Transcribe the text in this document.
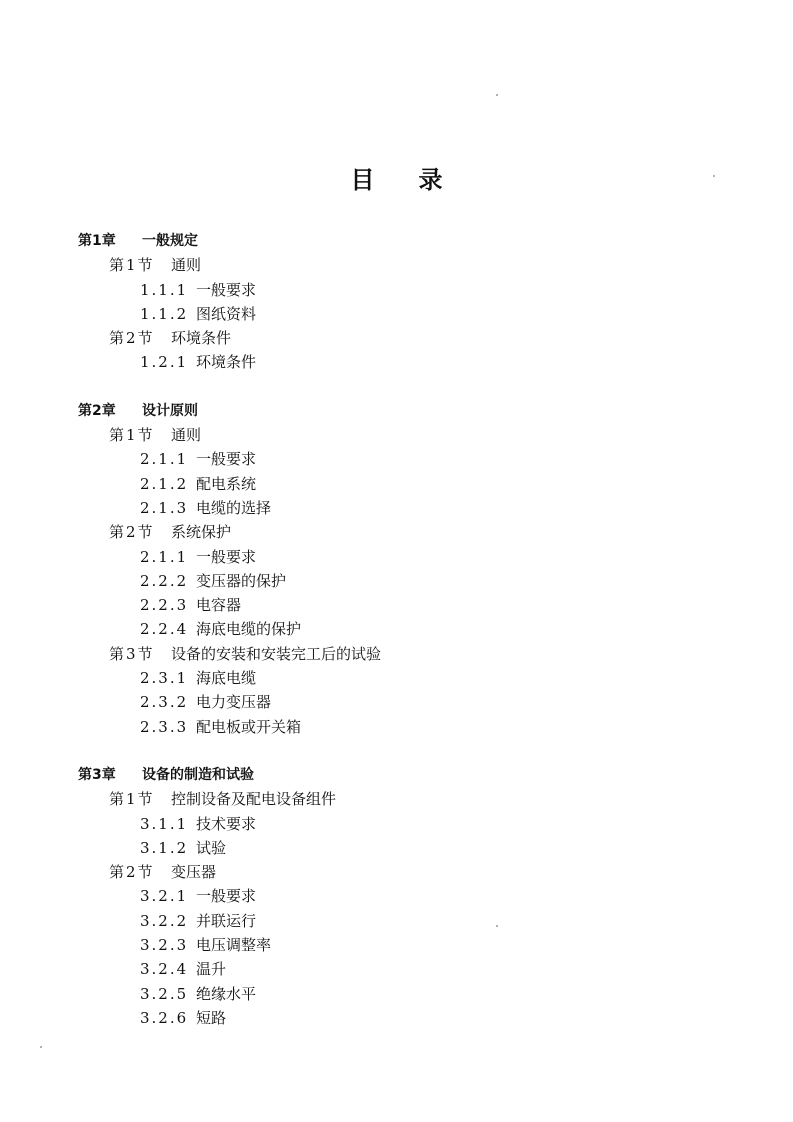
目 录
第1章 一般规定
第1节 通则
1.1.1 一般要求
1.1.2 图纸资料
第2节 环境条件
1.2.1 环境条件
第2章 设计原则
第1节 通则
2.1.1 一般要求
2.1.2 配电系统
2.1.3 电缆的选择
第2节 系统保护
2.1.1 一般要求
2.2.2 变压器的保护
2.2.3 电容器
2.2.4 海底电缆的保护
第3节 设备的安装和安装完工后的试验
2.3.1 海底电缆
2.3.2 电力变压器
2.3.3 配电板或开关箱
第3章 设备的制造和试验
第1节 控制设备及配电设备组件
3.1.1 技术要求
3.1.2 试验
第2节 变压器
3.2.1 一般要求
3.2.2 并联运行
3.2.3 电压调整率
3.2.4 温升
3.2.5 绝缘水平
3.2.6 短路
